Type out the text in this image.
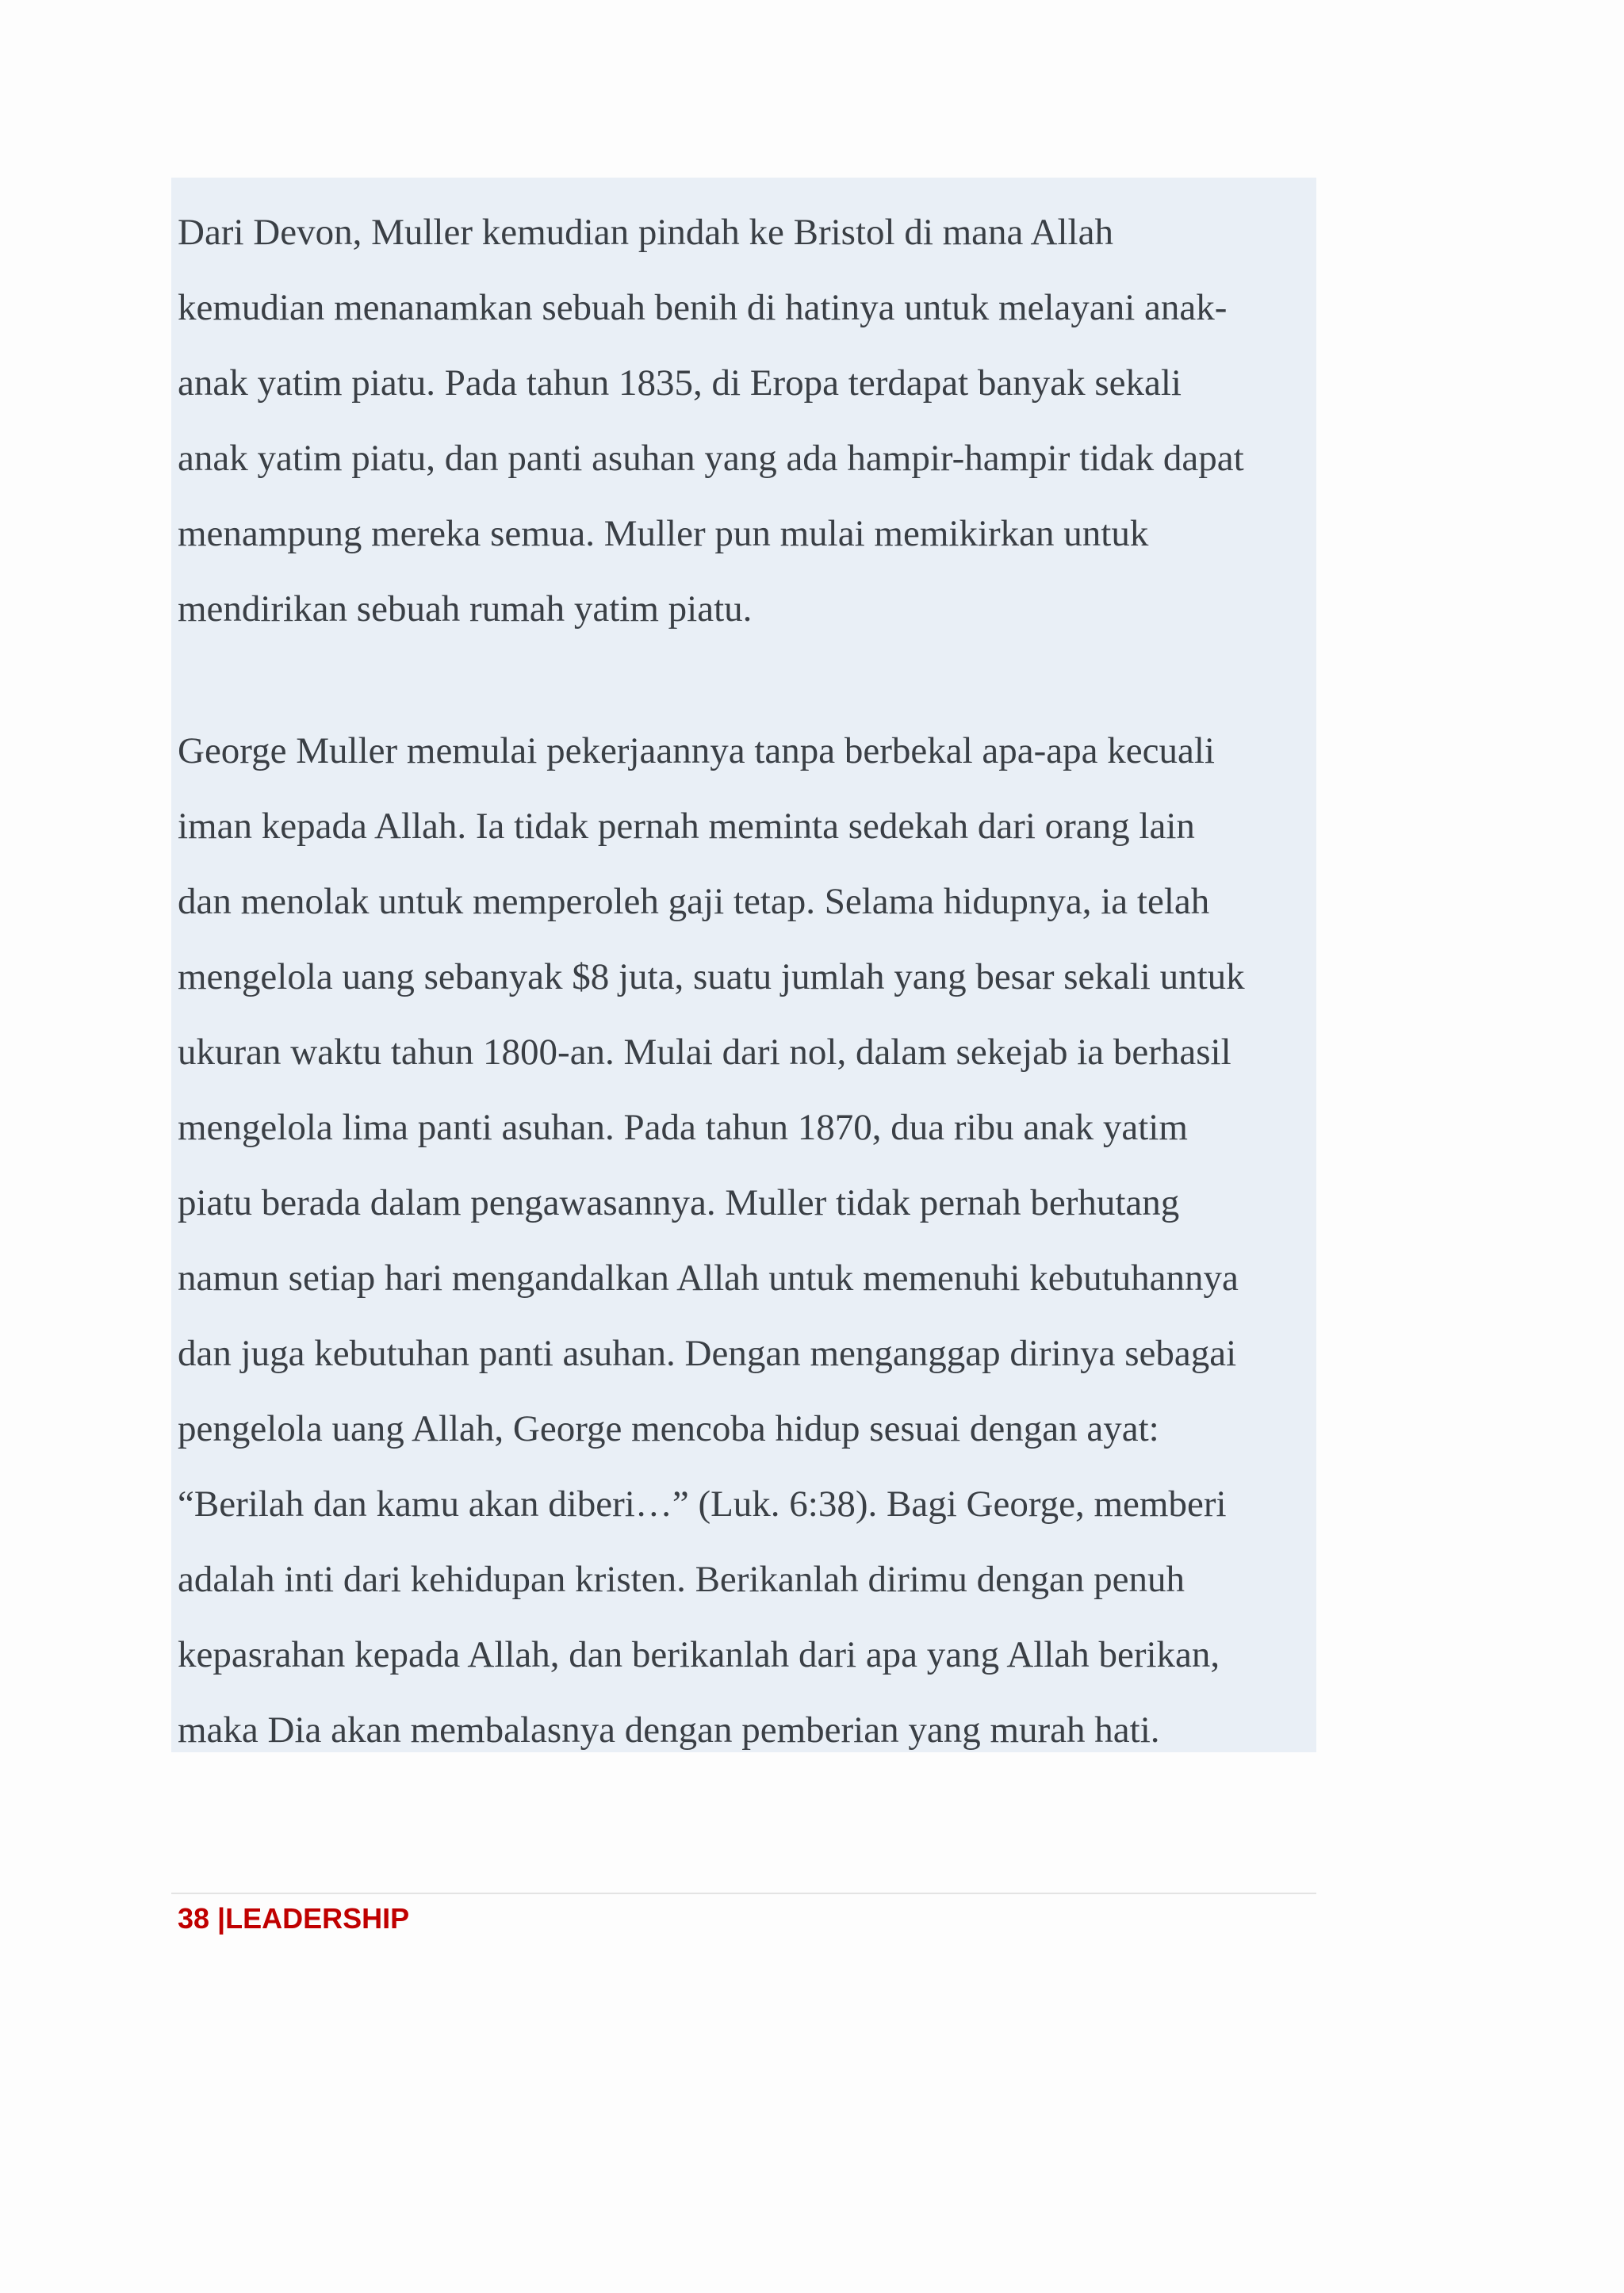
Dari Devon, Muller kemudian pindah ke Bristol di mana Allah
kemudian menanamkan sebuah benih di hatinya untuk melayani anak-
anak yatim piatu. Pada tahun 1835, di Eropa terdapat banyak sekali
anak yatim piatu, dan panti asuhan yang ada hampir-hampir tidak dapat
menampung mereka semua. Muller pun mulai memikirkan untuk
mendirikan sebuah rumah yatim piatu.

George Muller memulai pekerjaannya tanpa berbekal apa-apa kecuali
iman kepada Allah. Ia tidak pernah meminta sedekah dari orang lain
dan menolak untuk memperoleh gaji tetap. Selama hidupnya, ia telah
mengelola uang sebanyak $8 juta, suatu jumlah yang besar sekali untuk
ukuran waktu tahun 1800-an. Mulai dari nol, dalam sekejab ia berhasil
mengelola lima panti asuhan. Pada tahun 1870, dua ribu anak yatim
piatu berada dalam pengawasannya. Muller tidak pernah berhutang
namun setiap hari mengandalkan Allah untuk memenuhi kebutuhannya
dan juga kebutuhan panti asuhan. Dengan menganggap dirinya sebagai
pengelola uang Allah, George mencoba hidup sesuai dengan ayat:
“Berilah dan kamu akan diberi…” (Luk. 6:38). Bagi George, memberi
adalah inti dari kehidupan kristen. Berikanlah dirimu dengan penuh
kepasrahan kepada Allah, dan berikanlah dari apa yang Allah berikan,
maka Dia akan membalasnya dengan pemberian yang murah hati.

38 |LEADERSHIP
